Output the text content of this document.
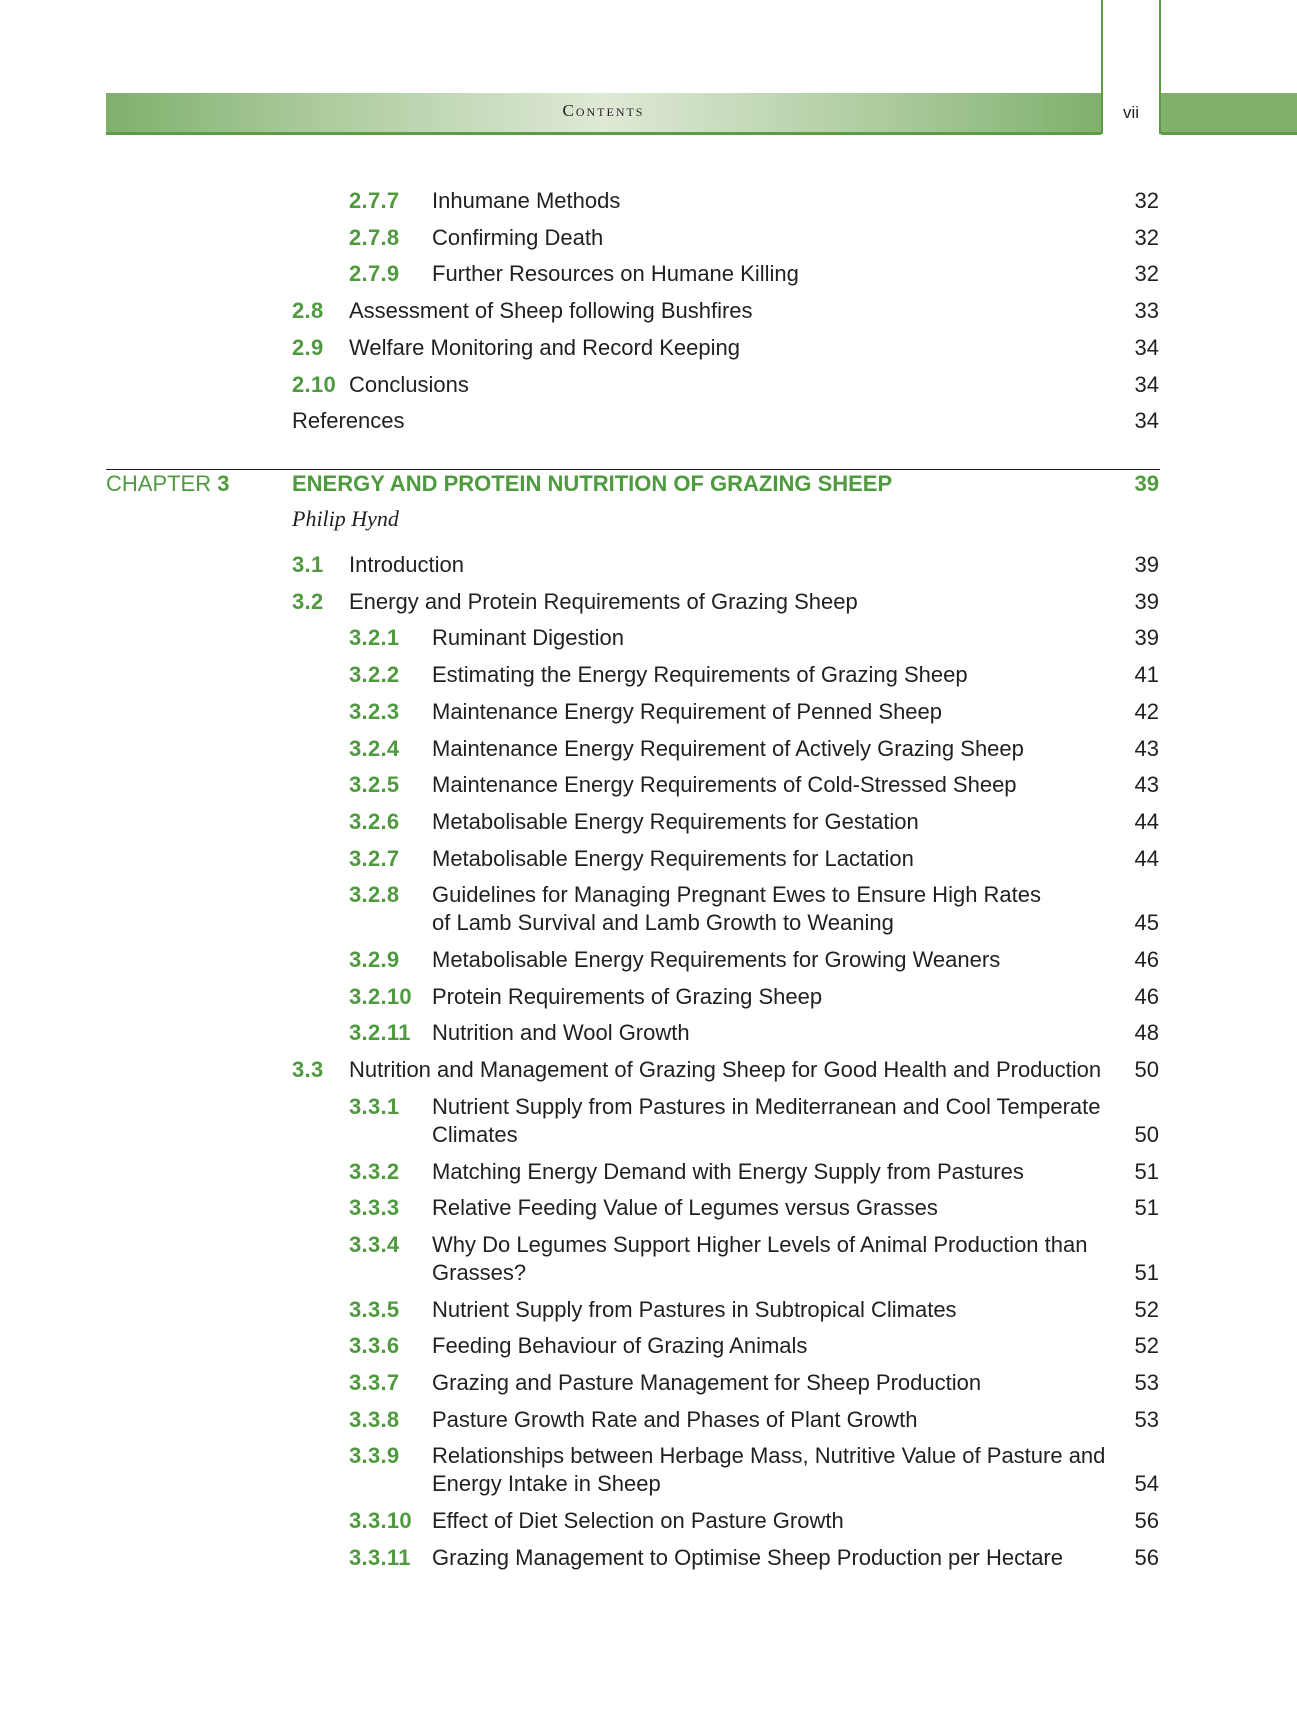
Contents	vii
2.7.7 Inhumane Methods	32
2.7.8 Confirming Death	32
2.7.9 Further Resources on Humane Killing	32
2.8 Assessment of Sheep following Bushfires	33
2.9 Welfare Monitoring and Record Keeping	34
2.10 Conclusions	34
References	34
CHAPTER 3	ENERGY AND PROTEIN NUTRITION OF GRAZING SHEEP	39
Philip Hynd
3.1 Introduction	39
3.2 Energy and Protein Requirements of Grazing Sheep	39
3.2.1 Ruminant Digestion	39
3.2.2 Estimating the Energy Requirements of Grazing Sheep	41
3.2.3 Maintenance Energy Requirement of Penned Sheep	42
3.2.4 Maintenance Energy Requirement of Actively Grazing Sheep	43
3.2.5 Maintenance Energy Requirements of Cold-Stressed Sheep	43
3.2.6 Metabolisable Energy Requirements for Gestation	44
3.2.7 Metabolisable Energy Requirements for Lactation	44
3.2.8 Guidelines for Managing Pregnant Ewes to Ensure High Rates
of Lamb Survival and Lamb Growth to Weaning	45
3.2.9 Metabolisable Energy Requirements for Growing Weaners	46
3.2.10 Protein Requirements of Grazing Sheep	46
3.2.11 Nutrition and Wool Growth	48
3.3 Nutrition and Management of Grazing Sheep for Good Health and Production 50
3.3.1 Nutrient Supply from Pastures in Mediterranean and Cool Temperate
Climates	50
3.3.2 Matching Energy Demand with Energy Supply from Pastures	51
3.3.3 Relative Feeding Value of Legumes versus Grasses	51
3.3.4 Why Do Legumes Support Higher Levels of Animal Production than
Grasses?	51
3.3.5 Nutrient Supply from Pastures in Subtropical Climates	52
3.3.6 Feeding Behaviour of Grazing Animals	52
3.3.7 Grazing and Pasture Management for Sheep Production	53
3.3.8 Pasture Growth Rate and Phases of Plant Growth	53
3.3.9 Relationships between Herbage Mass, Nutritive Value of Pasture and
Energy Intake in Sheep	54
3.3.10 Effect of Diet Selection on Pasture Growth	56
3.3.11 Grazing Management to Optimise Sheep Production per Hectare	56
